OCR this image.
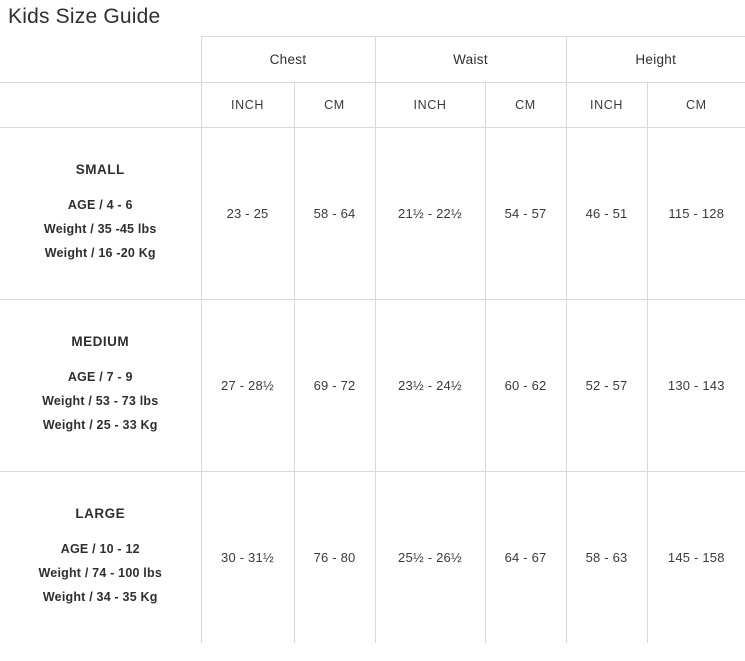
Kids Size Guide
	Chest		Waist		Height	
	INCH	CM	INCH	CM	INCH	CM

SMALL
AGE / 4 - 6
Weight / 35 -45 lbs
Weight / 16 -20 Kg	23 - 25	58 - 64	21½ - 22½	54 - 57	46 - 51	115 - 128

MEDIUM
AGE / 7 - 9
Weight / 53 - 73 lbs
Weight / 25 - 33 Kg	27 - 28½	69 - 72	23½ - 24½	60 - 62	52 - 57	130 - 143

LARGE
AGE / 10 - 12
Weight / 74 - 100 lbs
Weight / 34 - 35 Kg	30 - 31½	76 - 80	25½ - 26½	64 - 67	58 - 63	145 - 158
